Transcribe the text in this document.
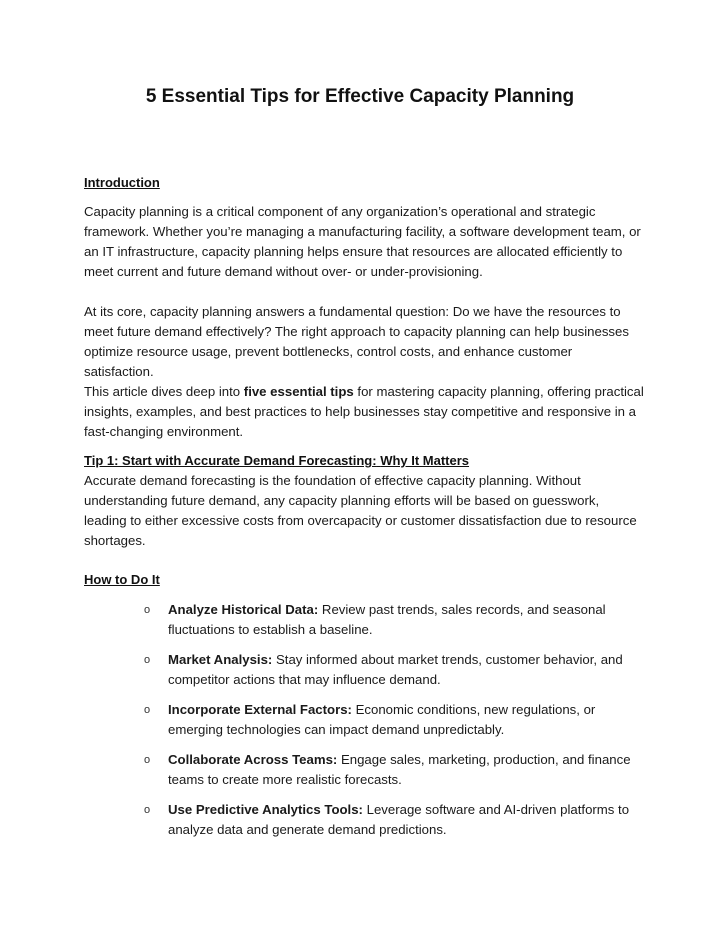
5 Essential Tips for Effective Capacity Planning
Introduction

Capacity planning is a critical component of any organization’s operational and strategic framework. Whether you’re managing a manufacturing facility, a software development team, or an IT infrastructure, capacity planning helps ensure that resources are allocated efficiently to meet current and future demand without over- or under-provisioning.

At its core, capacity planning answers a fundamental question: Do we have the resources to meet future demand effectively? The right approach to capacity planning can help businesses optimize resource usage, prevent bottlenecks, control costs, and enhance customer satisfaction.

This article dives deep into five essential tips for mastering capacity planning, offering practical insights, examples, and best practices to help businesses stay competitive and responsive in a fast-changing environment.

Tip 1: Start with Accurate Demand Forecasting: Why It Matters

Accurate demand forecasting is the foundation of effective capacity planning. Without understanding future demand, any capacity planning efforts will be based on guesswork, leading to either excessive costs from overcapacity or customer dissatisfaction due to resource shortages.

How to Do It
o Analyze Historical Data: Review past trends, sales records, and seasonal fluctuations to establish a baseline.
o Market Analysis: Stay informed about market trends, customer behavior, and competitor actions that may influence demand.
o Incorporate External Factors: Economic conditions, new regulations, or emerging technologies can impact demand unpredictably.
o Collaborate Across Teams: Engage sales, marketing, production, and finance teams to create more realistic forecasts.
o Use Predictive Analytics Tools: Leverage software and AI-driven platforms to analyze data and generate demand predictions.
